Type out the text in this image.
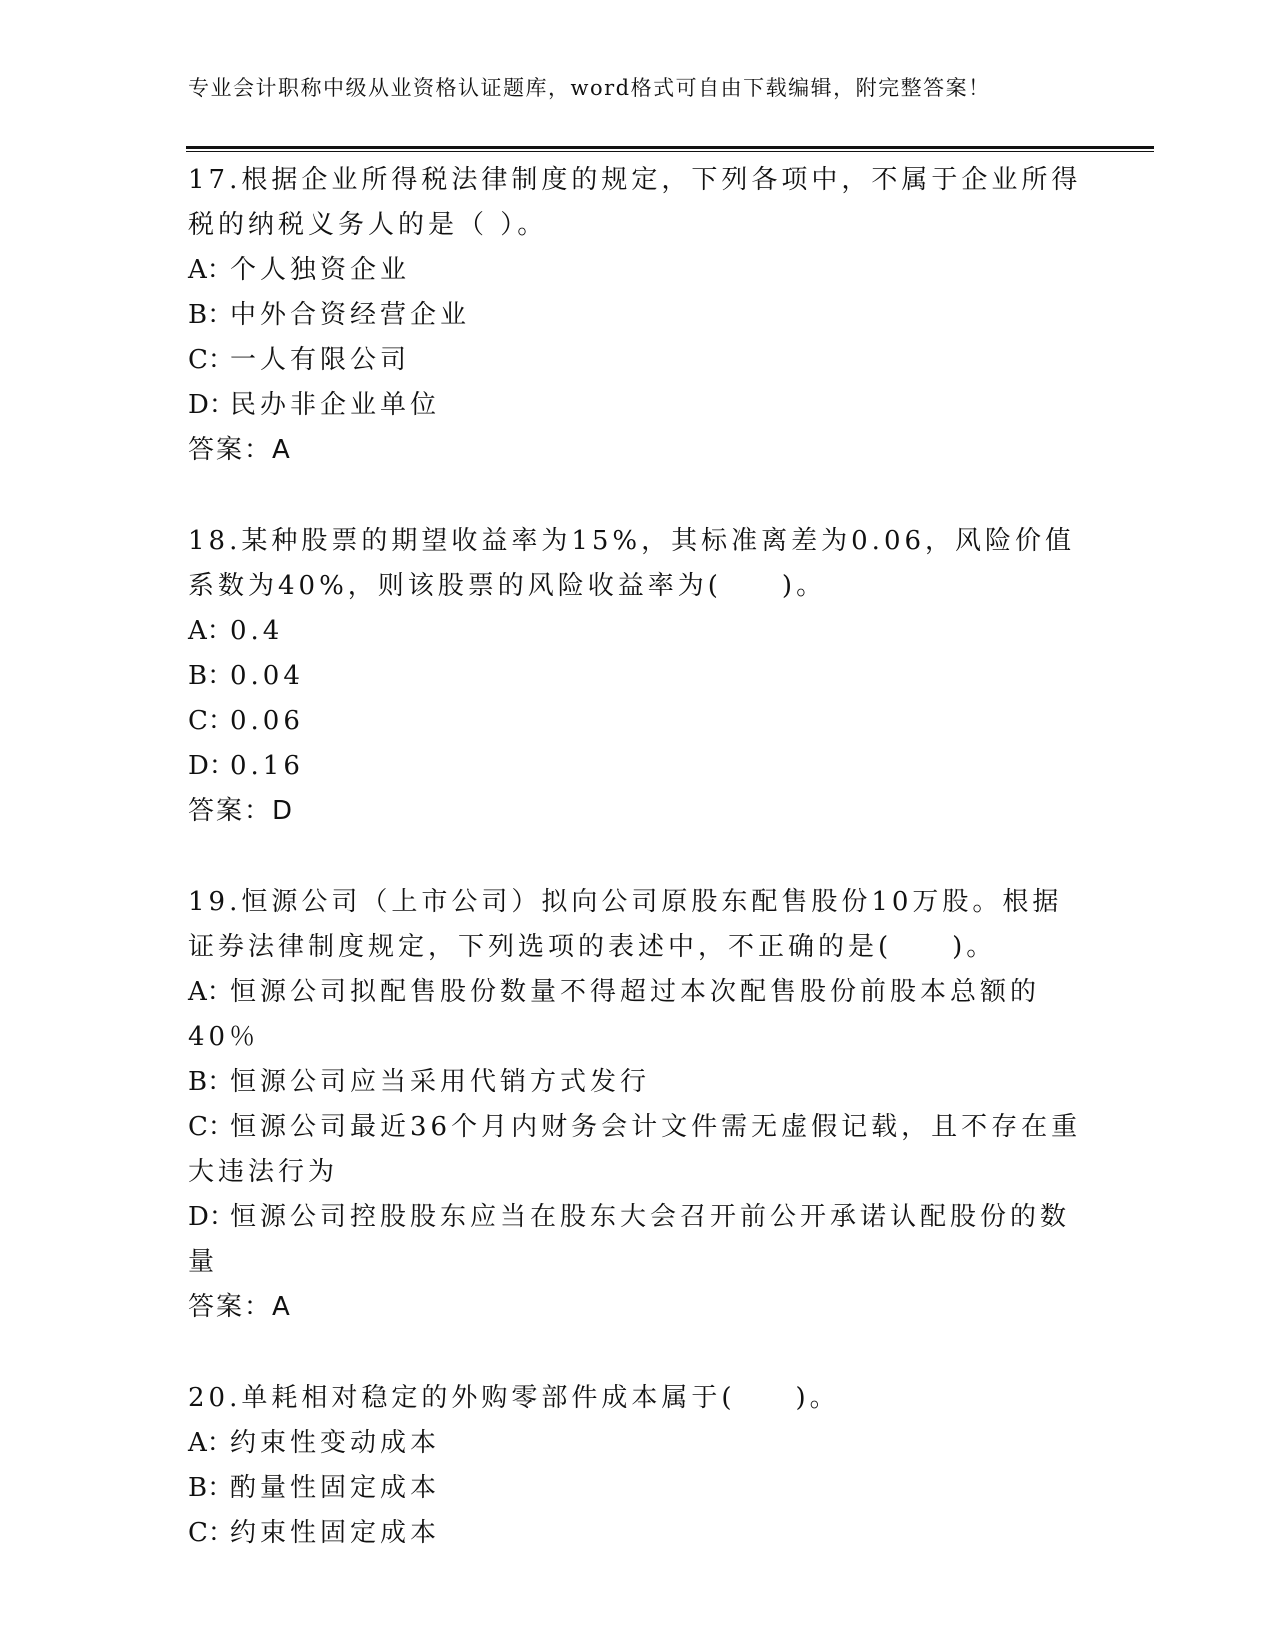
专业会计职称中级从业资格认证题库，word格式可自由下载编辑，附完整答案！

17.根据企业所得税法律制度的规定，下列各项中，不属于企业所得税的纳税义务人的是（ ）。

A：个人独资企业

B：中外合资经营企业

C：一人有限公司

D：民办非企业单位

答案：A

18.某种股票的期望收益率为15%，其标准离差为0.06，风险价值系数为40%，则该股票的风险收益率为(　　)。

A：0.4

B：0.04

C：0.06

D：0.16

答案：D

19.恒源公司（上市公司）拟向公司原股东配售股份10万股。根据证券法律制度规定，下列选项的表述中，不正确的是(　　)。

A：恒源公司拟配售股份数量不得超过本次配售股份前股本总额的40％

B：恒源公司应当采用代销方式发行

C：恒源公司最近36个月内财务会计文件需无虚假记载，且不存在重大违法行为

D：恒源公司控股股东应当在股东大会召开前公开承诺认配股份的数量

答案：A

20.单耗相对稳定的外购零部件成本属于(　　)。

A：约束性变动成本

B：酌量性固定成本

C：约束性固定成本
